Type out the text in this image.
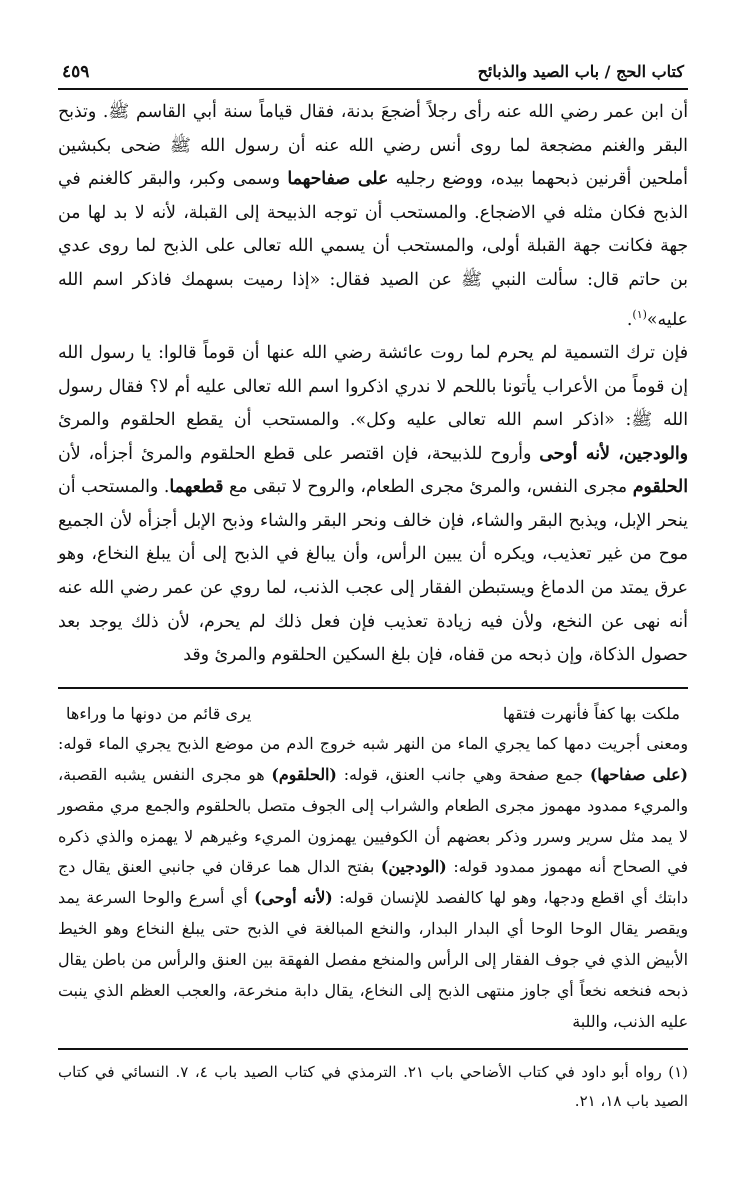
كتاب الحج / باب الصيد والذبائح
٤٥٩

أن ابن عمر رضي الله عنه رأى رجلاً أضجعَ بدنة، فقال قياماً سنة أبي القاسم ﷺ. وتذبح البقر والغنم مضجعة لما روى أنس رضي الله عنه أن رسول الله ﷺ ضحى بكبشين أملحين أقرنين ذبحهما بيده، ووضع رجليه على صفاحهما وسمى وكبر، والبقر كالغنم في الذبح فكان مثله في الاضجاع. والمستحب أن توجه الذبيحة إلى القبلة، لأنه لا بد لها من جهة فكانت جهة القبلة أولى، والمستحب أن يسمي الله تعالى على الذبح لما روى عدي بن حاتم قال: سألت النبي ﷺ عن الصيد فقال: «إذا رميت بسهمك فاذكر اسم الله عليه»$^{(١)}$.

فإن ترك التسمية لم يحرم لما روت عائشة رضي الله عنها أن قوماً قالوا: يا رسول الله إن قوماً من الأعراب يأتونا باللحم لا ندري اذكروا اسم الله تعالى عليه أم لا؟ فقال رسول الله ﷺ: «اذكر اسم الله تعالى عليه وكل». والمستحب أن يقطع الحلقوم والمرئ والودجين، لأنه أوحى وأروح للذبيحة، فإن اقتصر على قطع الحلقوم والمرئ أجزأه، لأن الحلقوم مجرى النفس، والمرئ مجرى الطعام، والروح لا تبقى مع قطعهما. والمستحب أن ينحر الإبل، ويذبح البقر والشاء، فإن خالف ونحر البقر والشاء وذبح الإبل أجزأه لأن الجميع موح من غير تعذيب، ويكره أن يبين الرأس، وأن يبالغ في الذبح إلى أن يبلغ النخاع، وهو عرق يمتد من الدماغ ويستبطن الفقار إلى عجب الذنب، لما روي عن عمر رضي الله عنه أنه نهى عن النخع، ولأن فيه زيادة تعذيب فإن فعل ذلك لم يحرم، لأن ذلك يوجد بعد حصول الذكاة، وإن ذبحه من قفاه، فإن بلغ السكين الحلقوم والمرئ وقد

ملكت بها كفاً فأنهرت فتقها
يرى قائم من دونها ما وراءها

ومعنى أجريت دمها كما يجري الماء من النهر شبه خروج الدم من موضع الذبح يجري الماء قوله: (على صفاحها) جمع صفحة وهي جانب العنق، قوله: (الحلقوم) هو مجرى النفس يشبه القصبة، والمريء ممدود مهموز مجرى الطعام والشراب إلى الجوف متصل بالحلقوم والجمع مري مقصور لا يمد مثل سرير وسرر وذكر بعضهم أن الكوفيين يهمزون المريء وغيرهم لا يهمزه والذي ذكره في الصحاح أنه مهموز ممدود قوله: (الودجين) بفتح الدال هما عرقان في جانبي العنق يقال دج دابتك أي اقطع ودجها، وهو لها كالفصد للإنسان قوله: (لأنه أوحى) أي أسرع والوحا السرعة يمد ويقصر يقال الوحا الوحا أي البدار البدار، والنخع المبالغة في الذبح حتى يبلغ النخاع وهو الخيط الأبيض الذي في جوف الفقار إلى الرأس والمنخع مفصل الفهقة بين العنق والرأس من باطن يقال ذبحه فنخعه نخعاً أي جاوز منتهى الذبح إلى النخاع، يقال دابة منخرعة، والعجب العظم الذي ينبت عليه الذنب، واللبة

(١) رواه أبو داود في كتاب الأضاحي باب ٢١. الترمذي في كتاب الصيد باب ٤، ٧. النسائي في كتاب الصيد باب ١٨، ٢١.
